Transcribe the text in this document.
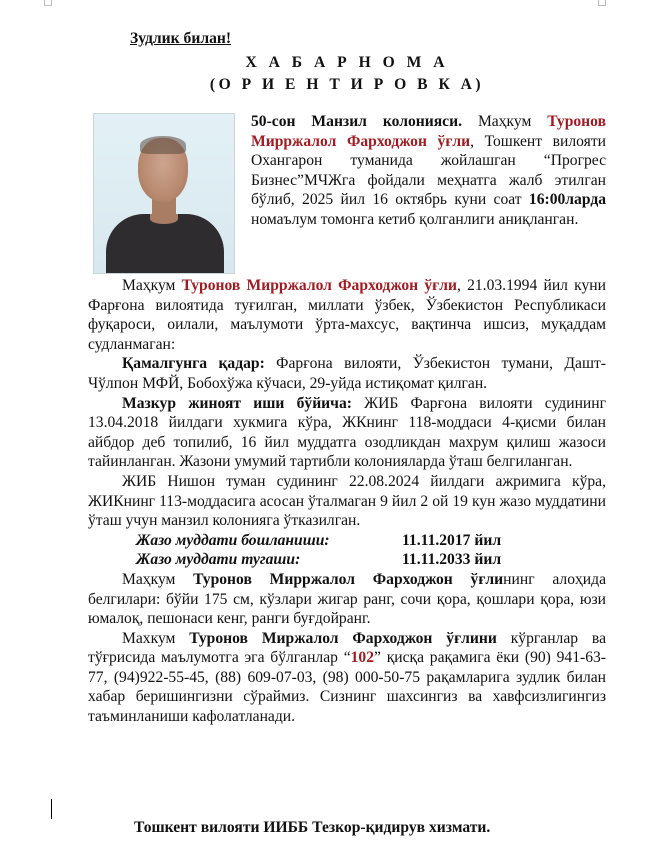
Зудлик билан!
Х А Б А Р Н О М А
(О Р И Е Н Т И Р О В К А)

50-сон Манзил колонияси. Маҳкум Туронов Мирржалол Фарходжон ўғли, Тошкент вилояти Охангарон туманида жойлашган “Прогрес Бизнес”МЧЖга фойдали меҳнатга жалб этилган бўлиб, 2025 йил 16 октябрь куни соат 16:00ларда номаълум томонга кетиб қолганлиги аниқланган.

Маҳкум Туронов Мирржалол Фарходжон ўғли, 21.03.1994 йил куни Фарғона вилоятида туғилган, миллати ўзбек, Ўзбекистон Республикаси фуқароси, оилали, маълумоти ўрта-махсус, вақтинча ишсиз, муқаддам судланмаган:

Қамалгунга қадар: Фарғона вилояти, Ўзбекистон тумани, Дашт-Чўлпон МФЙ, Бобохўжа кўчаси, 29-уйда истиқомат қилган.

Мазкур жиноят иши бўйича: ЖИБ Фарғона вилояти судининг 13.04.2018 йилдаги хукмига кўра, ЖКнинг 118-моддаси 4-қисми билан айбдор деб топилиб, 16 йил муддатга озодликдан махрум қилиш жазоси тайинланган. Жазони умумий тартибли колонияларда ўташ белгиланган.

ЖИБ Нишон туман судининг 22.08.2024 йилдаги ажримига кўра, ЖИКнинг 113-моддасига асосан ўталмаган 9 йил 2 ой 19 кун жазо муддатини ўташ учун манзил колонияга ўтказилган.

Жазо муддати бошланиши:	11.11.2017 йил
Жазо муддати тугаши:	11.11.2033 йил

Маҳкум Туронов Мирржалол Фарходжон ўғлининг алоҳида белгилари: бўйи 175 см, кўзлари жигар ранг, сочи қора, қошлари қора, юзи юмалоқ, пешонаси кенг, ранги буғдойранг.

Махкум Туронов Миржалол Фарходжон ўғлини кўрганлар ва тўғрисида маълумотга эга бўлганлар “102” қисқа рақамига ёки (90) 941-63-77, (94)922-55-45, (88) 609-07-03, (98) 000-50-75 рақамларига зудлик билан хабар беришингизни сўраймиз. Сизнинг шахсингиз ва хавфсизлигингиз таъминланиши кафолатланади.

Тошкент вилояти ИИББ Тезкор-қидирув хизмати.
